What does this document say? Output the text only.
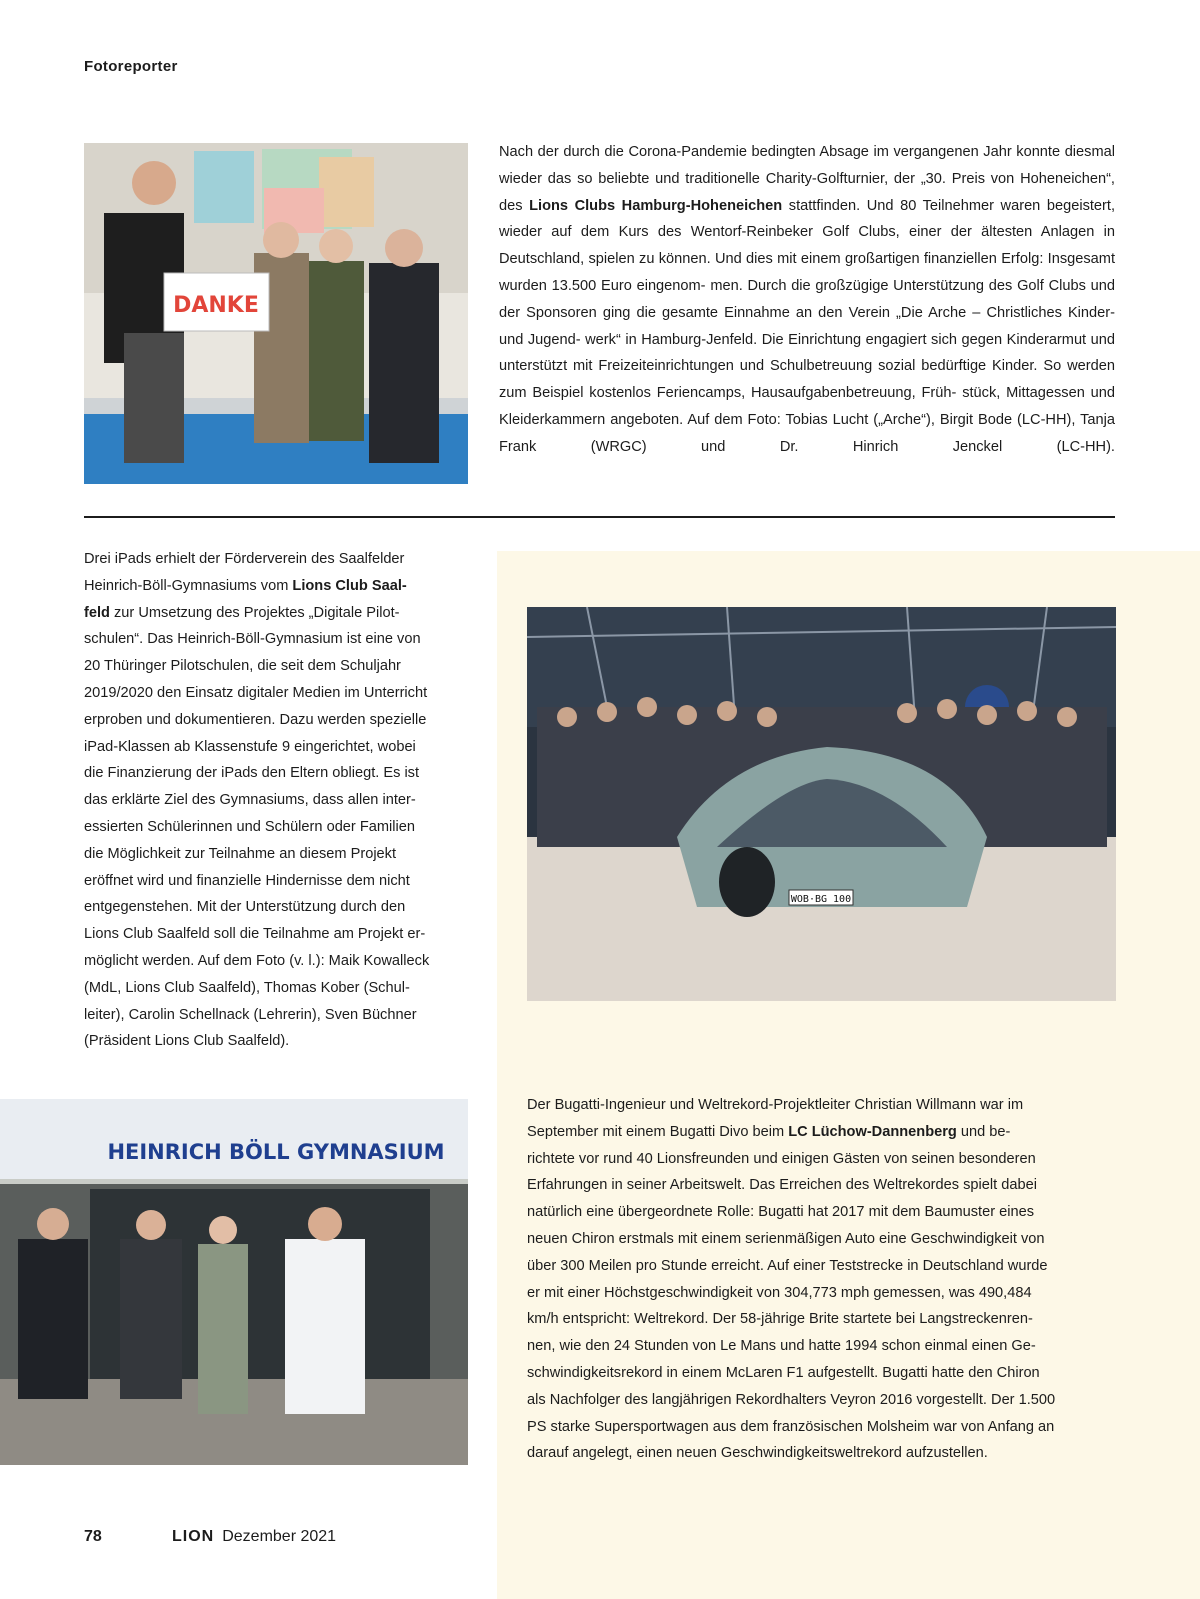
Fotoreporter
DANKE

Nach der durch die Corona-Pandemie bedingten Absage im vergangenen Jahr konnte diesmal wieder das so beliebte und traditionelle Charity-Golfturnier, der „30. Preis von Hoheneichen“, des Lions Clubs Hamburg-Hoheneichen stattfinden. Und 80 Teilnehmer waren begeistert, wieder auf dem Kurs des Wentorf-Reinbeker Golf Clubs, einer der ältesten Anlagen in Deutschland, spielen zu können. Und dies mit einem großartigen finanziellen Erfolg: Insgesamt wurden 13.500 Euro eingenom- men. Durch die großzügige Unterstützung des Golf Clubs und der Sponsoren ging die gesamte Einnahme an den Verein „Die Arche – Christliches Kinder- und Jugend- werk“ in Hamburg-Jenfeld. Die Einrichtung engagiert sich gegen Kinderarmut und unterstützt mit Freizeiteinrichtungen und Schulbetreuung sozial bedürftige Kinder. So werden zum Beispiel kostenlos Feriencamps, Hausaufgabenbetreuung, Früh- stück, Mittagessen und Kleiderkammern angeboten. Auf dem Foto: Tobias Lucht („Arche“), Birgit Bode (LC-HH), Tanja Frank (WRGC) und Dr. Hinrich Jenckel (LC-HH).

Drei iPads erhielt der Förderverein des Saalfelder
Heinrich-Böll-Gymnasiums vom Lions Club Saal-
feld zur Umsetzung des Projektes „Digitale Pilot-
schulen“. Das Heinrich-Böll-Gymnasium ist eine von
20 Thüringer Pilotschulen, die seit dem Schuljahr
2019/2020 den Einsatz digitaler Medien im Unterricht
erproben und dokumentieren. Dazu werden spezielle
iPad-Klassen ab Klassenstufe 9 eingerichtet, wobei
die Finanzierung der iPads den Eltern obliegt. Es ist
das erklärte Ziel des Gymnasiums, dass allen inter-
essierten Schülerinnen und Schülern oder Familien
die Möglichkeit zur Teilnahme an diesem Projekt
eröffnet wird und finanzielle Hindernisse dem nicht
entgegenstehen. Mit der Unterstützung durch den
Lions Club Saalfeld soll die Teilnahme am Projekt er-
möglicht werden. Auf dem Foto (v. l.): Maik Kowalleck
(MdL, Lions Club Saalfeld), Thomas Kober (Schul-
leiter), Carolin Schellnack (Lehrerin), Sven Büchner
(Präsident Lions Club Saalfeld).

WOB·BG 100
HEINRICH BÖLL GYMNASIUM

Der Bugatti-Ingenieur und Weltrekord-Projektleiter Christian Willmann war im
September mit einem Bugatti Divo beim LC Lüchow-Dannenberg und be-
richtete vor rund 40 Lionsfreunden und einigen Gästen von seinen besonderen
Erfahrungen in seiner Arbeitswelt. Das Erreichen des Weltrekordes spielt dabei
natürlich eine übergeordnete Rolle: Bugatti hat 2017 mit dem Baumuster eines
neuen Chiron erstmals mit einem serienmäßigen Auto eine Geschwindigkeit von
über 300 Meilen pro Stunde erreicht. Auf einer Teststrecke in Deutschland wurde
er mit einer Höchstgeschwindigkeit von 304,773 mph gemessen, was 490,484
km/h entspricht: Weltrekord. Der 58-jährige Brite startete bei Langstreckenren-
nen, wie den 24 Stunden von Le Mans und hatte 1994 schon einmal einen Ge-
schwindigkeitsrekord in einem McLaren F1 aufgestellt. Bugatti hatte den Chiron
als Nachfolger des langjährigen Rekordhalters Veyron 2016 vorgestellt. Der 1.500
PS starke Supersportwagen aus dem französischen Molsheim war von Anfang an
darauf angelegt, einen neuen Geschwindigkeitsweltrekord aufzustellen.

78	LION Dezember 2021
